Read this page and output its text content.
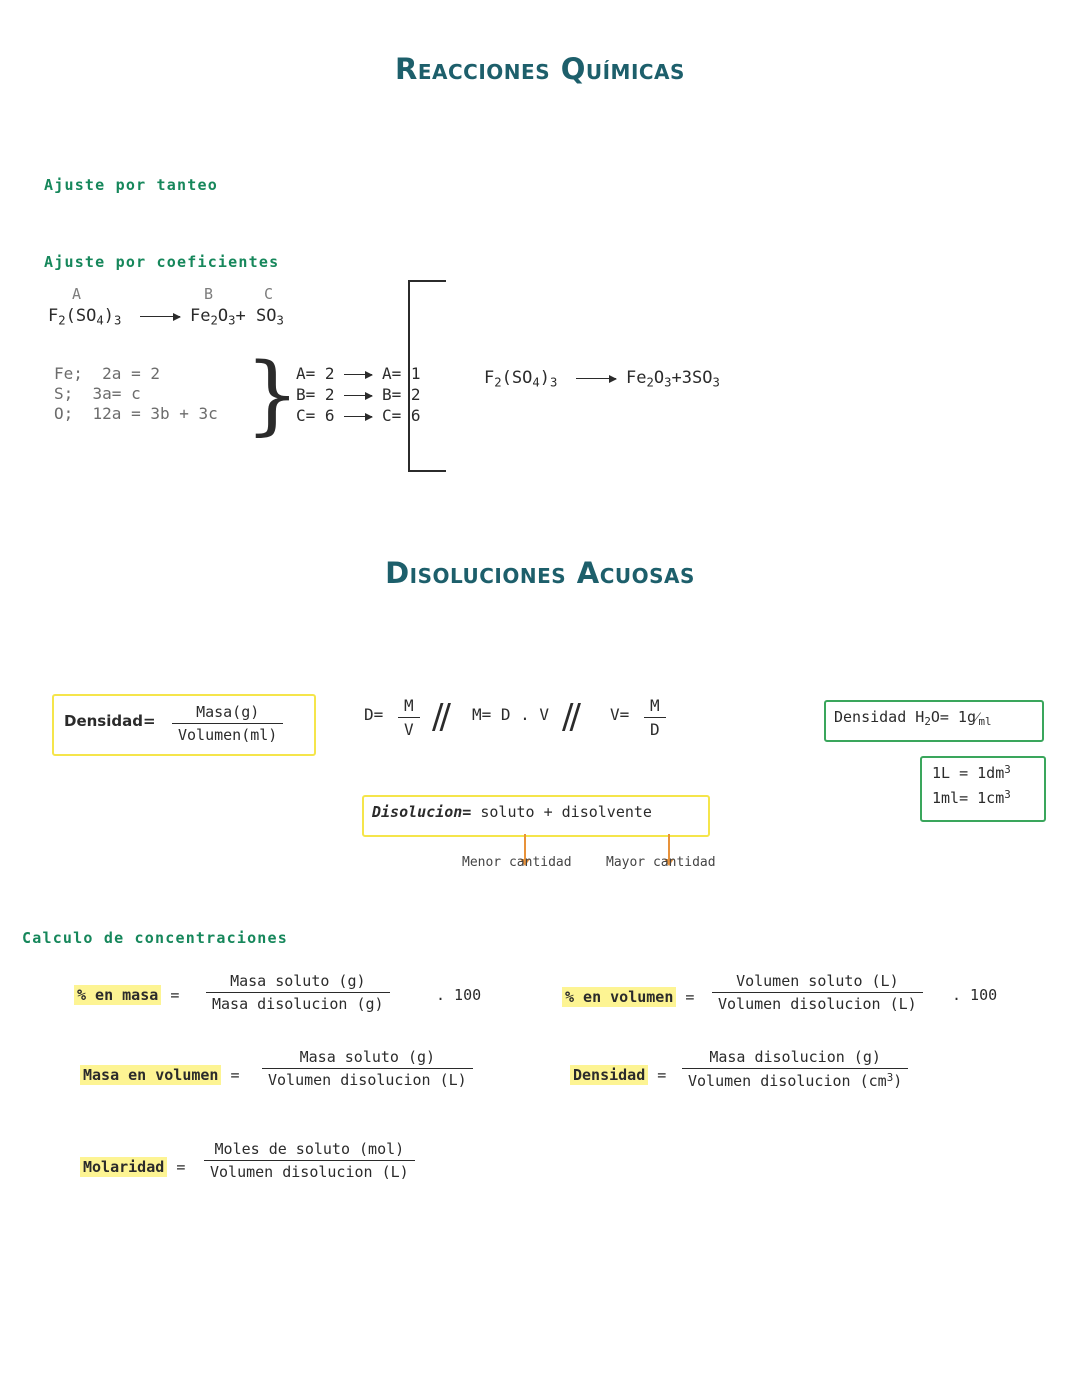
Reacciones Químicas
Ajuste por tanteo
Ajuste por coeficientes
A	B	C
$F_2(SO_4)_3 \to Fe_2O_3+ SO_3$
Fe;  2a = 2
S;  3a= c
O;  12a = 3b + 3c }
A= 2
B= 2
C= 6
A= 1
B= 2
C= 6
$F_2(SO_4)_3 \to Fe_2O_3+3SO_3$
Disoluciones Acuosas
Densidad= $\frac{\text{Masa(g)}}{\text{Volumen(ml)}}$	$D= \frac{M}{V} // M= D$ . $V // V= \frac{M}{D}$	Densidad $H_2O=$ $1g⁄_{ml}$
$1L = 1dm^3$
$1ml= 1cm^3$
Disolucion= soluto + disolvente
Menor cantidad	Mayor cantidad
Calculo de concentraciones
% en masa = $\frac{\text{Masa soluto (g)}}{\text{Masa disolucion (g)}}$	. 100	% en volumen = $\frac{\text{Volumen soluto (L)}}{\text{Volumen disolucion (L)}}$ . 100
Masa en volumen = $\frac{\text{Masa soluto (g)}}{\text{Volumen disolucion (L)}}$	Densidad = $\frac{\text{Masa disolucion (g)}}{Volumen disolucion (cm^3)}$
Molaridad = $\frac{\text{Moles de soluto (mol)}}{\text{Volumen disolucion (L)}}$
